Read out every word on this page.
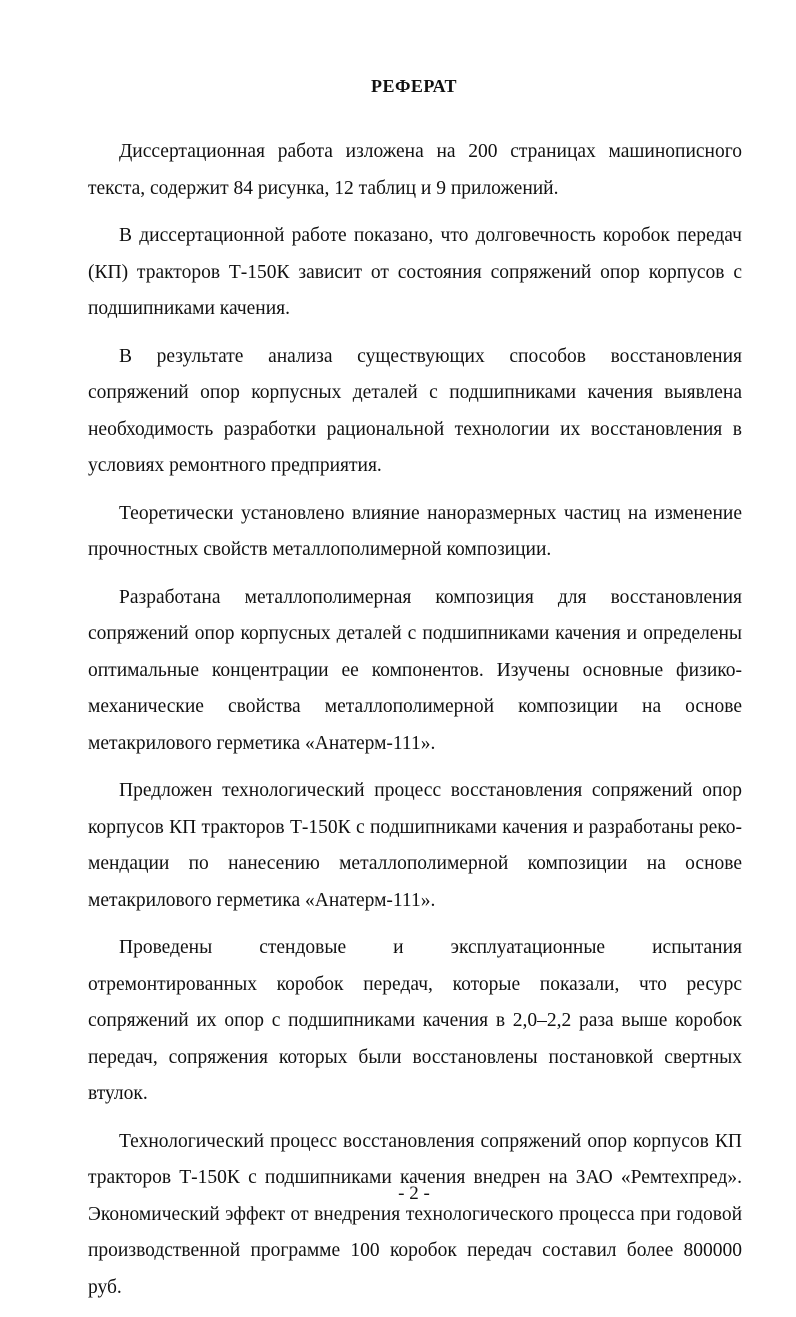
РЕФЕРАТ

Диссертационная работа изложена на 200 страницах машинописного текста, содержит 84 рисунка, 12 таблиц и 9 приложений.

В диссертационной работе показано, что долговечность коробок передач (КП) тракторов Т-150К зависит от состояния сопряжений опор корпусов с подшипниками качения.

В результате анализа существующих способов восстановления сопряжений опор корпусных деталей с подшипниками качения выявлена необходимость разработки рациональной технологии их восстановления в условиях ремонтного предприятия.

Теоретически установлено влияние наноразмерных частиц на изменение прочностных свойств металлополимерной композиции.

Разработана металлополимерная композиция для восстановления сопряжений опор корпусных деталей с подшипниками качения и определены оптимальные концентрации ее компонентов. Изучены основные физико-механические свойства металлополимерной композиции на основе метакрилового герметика «Анатерм-111».

Предложен технологический процесс восстановления сопряжений опор корпусов КП тракторов Т-150К с подшипниками качения и разработаны рекомендации по нанесению металлополимерной композиции на основе метакрилового герметика «Анатерм-111».

Проведены стендовые и эксплуатационные испытания отремонтированных коробок передач, которые показали, что ресурс сопряжений их опор с подшипниками качения в 2,0–2,2 раза выше коробок передач, сопряжения которых были восстановлены постановкой свертных втулок.

Технологический процесс восстановления сопряжений опор корпусов КП тракторов Т-150К с подшипниками качения внедрен на ЗАО «Ремтехпред». Экономический эффект от внедрения технологического процесса при годовой производственной программе 100 коробок передач составил более 800000 руб.

- 2 -
